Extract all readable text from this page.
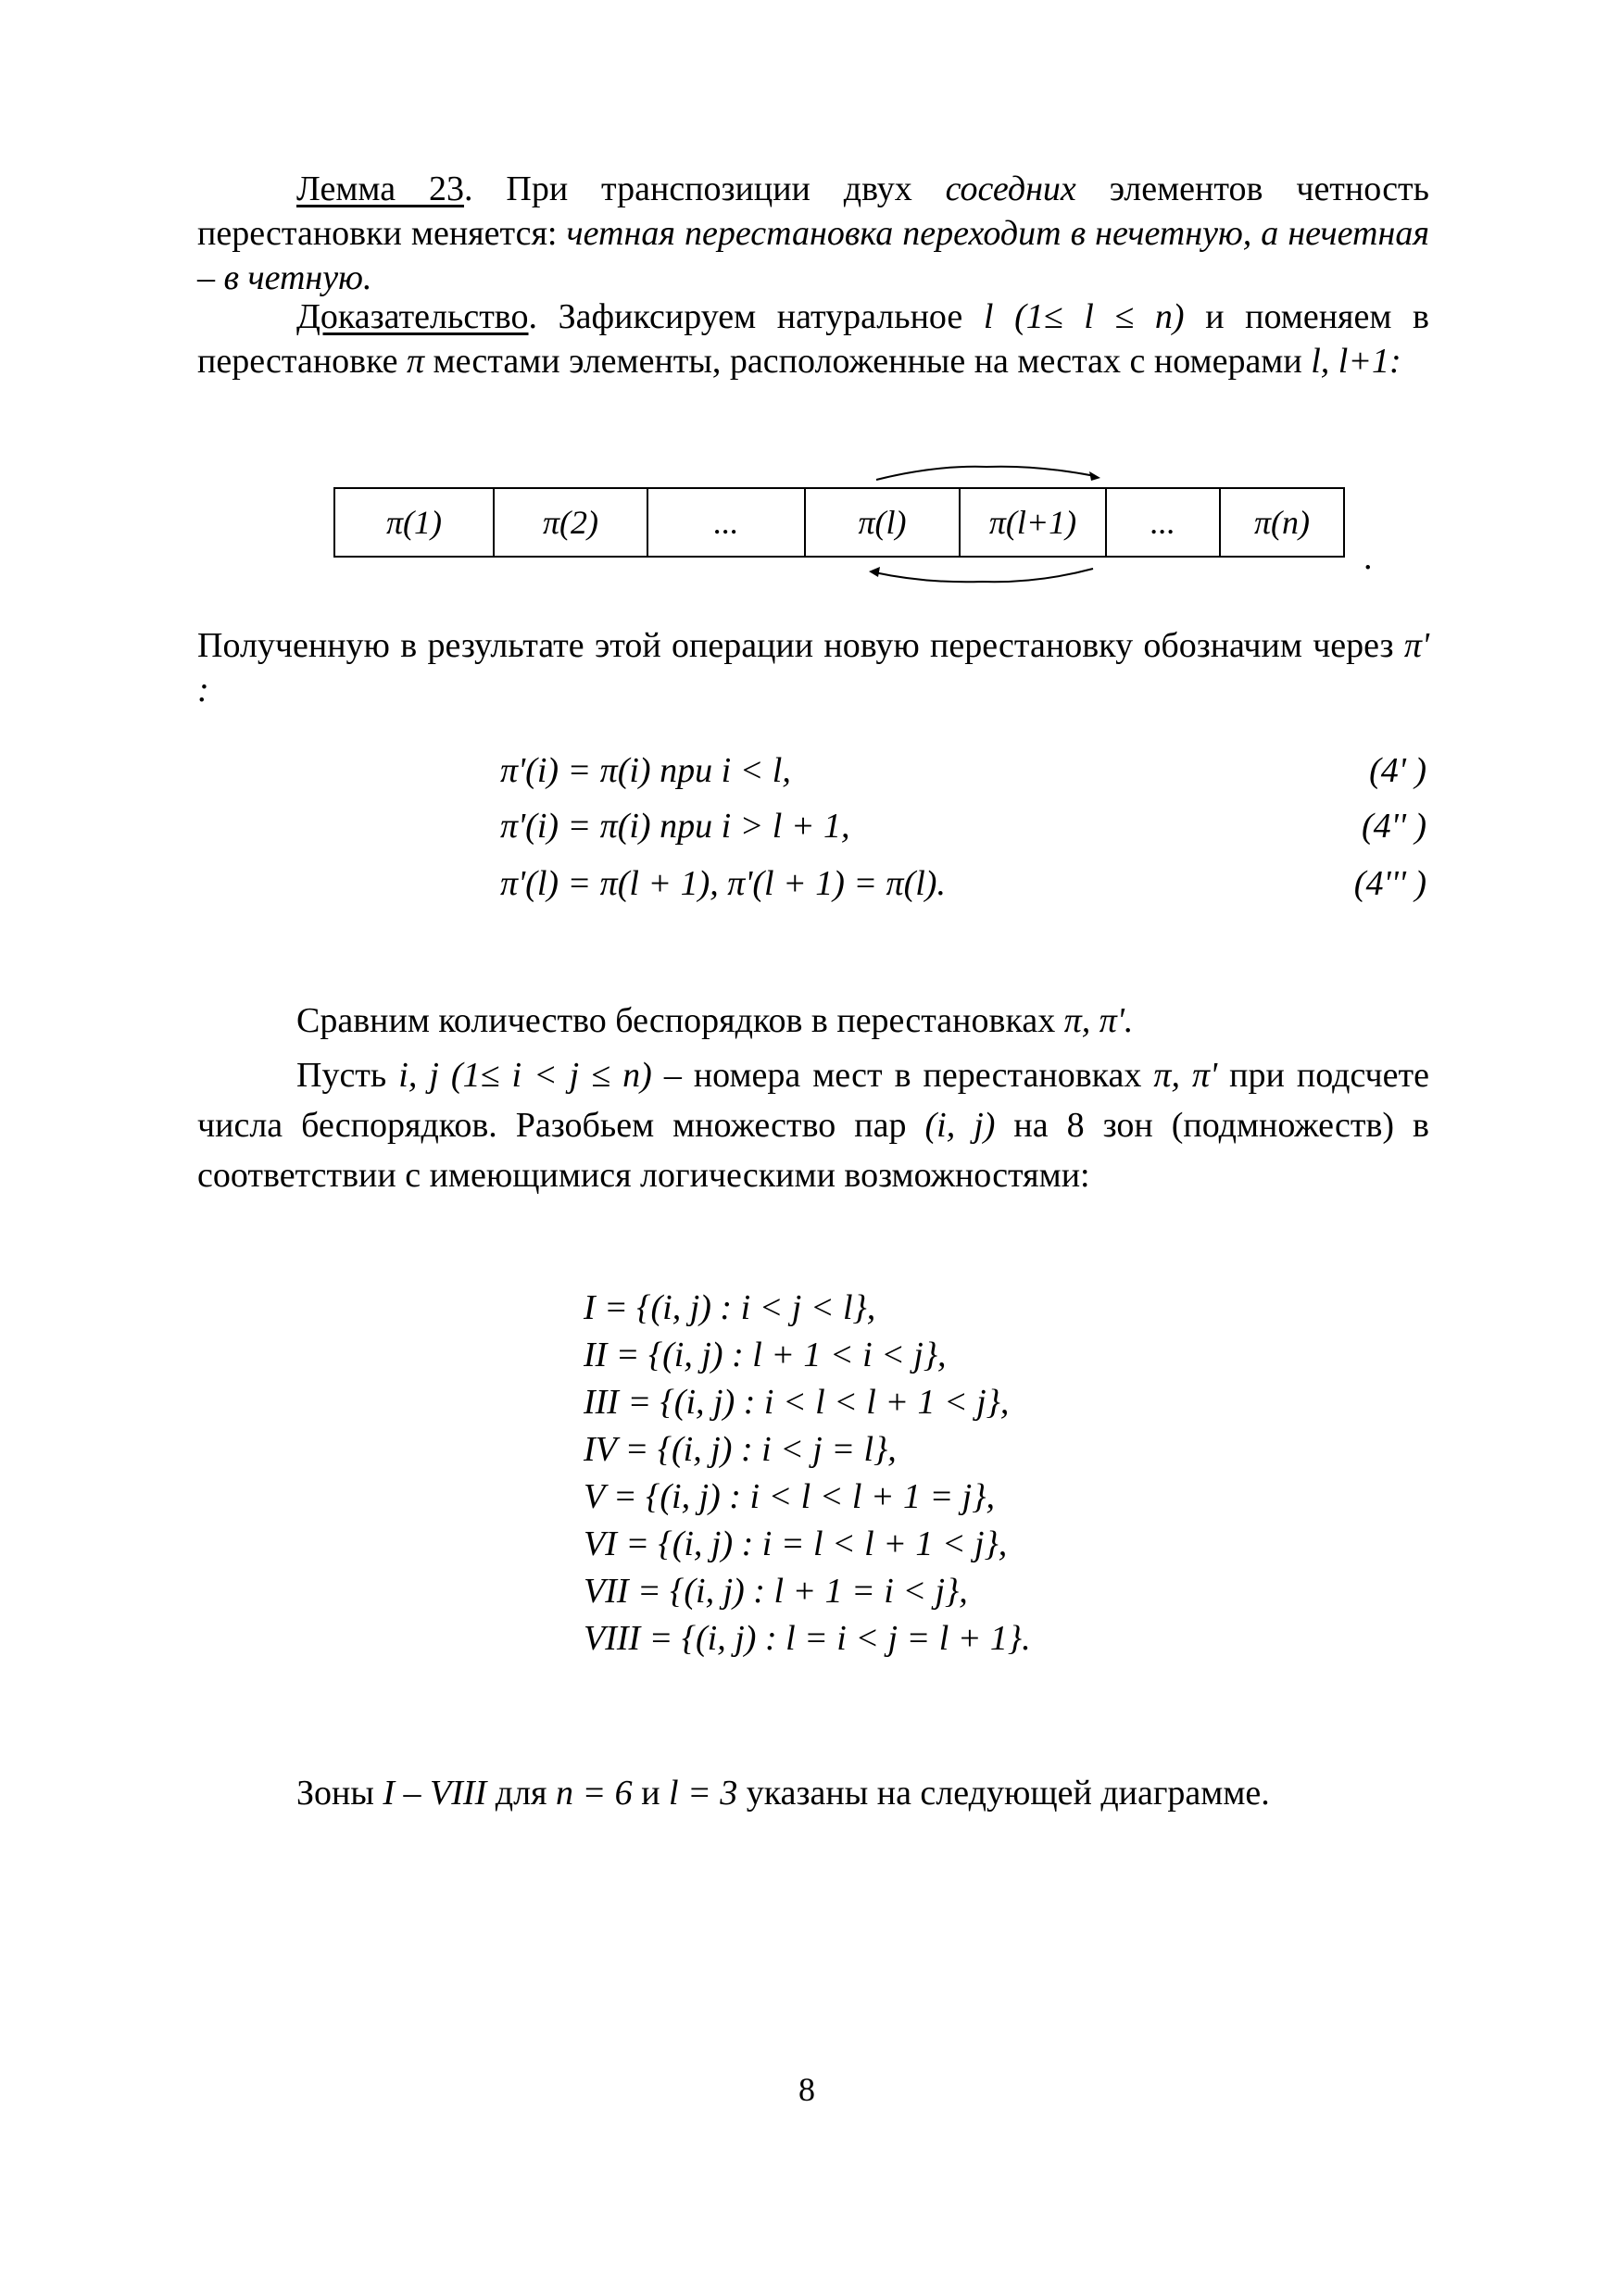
Лемма 23. При транспозиции двух соседних элементов четность перестановки меняется: четная перестановка переходит в нечетную, а нечетная – в четную.
Доказательство. Зафиксируем натуральное l (1≤ l ≤ n) и поменяем в перестановке π местами элементы, расположенные на местах с номерами l, l+1:
π(1)	π(2)	...	π(l)	π(l+1)	...	π(n)
.
Полученную в результате этой операции новую перестановку обозначим через π' :
π'(i) = π(i) при i < l,	(4' )
π'(i) = π(i) при i > l + 1,	(4'' )
π'(l) = π(l + 1), π'(l + 1) = π(l).	(4''' )
Сравним количество беспорядков в перестановках π, π'.
Пусть i, j (1≤ i < j ≤ n) – номера мест в перестановках π, π' при подсчете числа беспорядков. Разобьем множество пар (i, j) на 8 зон (подмножеств) в соответствии с имеющимися логическими возможностями:
I = {(i, j) : i < j < l},
II = {(i, j) : l + 1 < i < j},
III = {(i, j) : i < l < l + 1 < j},
IV = {(i, j) : i < j = l},
V = {(i, j) : i < l < l + 1 = j},
VI = {(i, j) : i = l < l + 1 < j},
VII = {(i, j) : l + 1 = i < j},
VIII = {(i, j) : l = i < j = l + 1}.
Зоны I – VIII для n = 6 и l = 3 указаны на следующей диаграмме.
8
